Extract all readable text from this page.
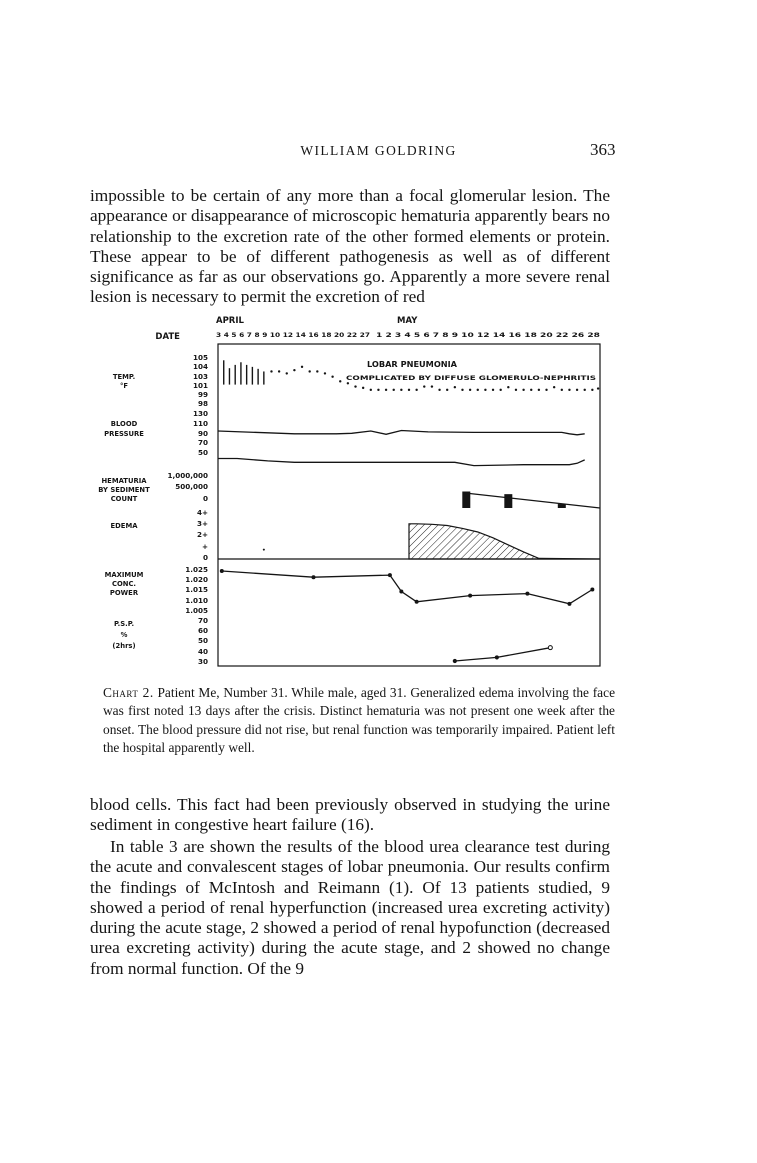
WILLIAM GOLDRING	363

impossible to be certain of any more than a focal glomerular lesion. The appearance or disappearance of microscopic hematuria apparently bears no relationship to the excretion rate of the other formed elements or protein. These appear to be of different pathogenesis as well as of different significance as far as our observations go. Apparently a more severe renal lesion is necessary to permit the excretion of red

DATE
APRIL	MAY
3 4 5 6 7 8 9 10 12 14 16 18 20 22 27 1 2 3 4 5 6 7 8 9 10 12 14 16 18 20 22 26 28
LOBAR PNEUMONIA
COMPLICATED BY DIFFUSE GLOMERULO-NEPHRITIS
105
104
103
101
99
98
TEMP.
°F
130
110
90
70
50
BLOOD
PRESSURE
1,000,000
500,000
0
HEMATURIA
BY SEDIMENT
COUNT
4+
3+
2+
+
0
EDEMA
1.025
1.020
1.015
1.010
1.005
MAXIMUM
CONC.
POWER
70
60
50
40
30
P.S.P.
%
(2hrs)
Chart 2. Patient Me, Number 31. While male, aged 31. Generalized edema involving the face was first noted 13 days after the crisis. Distinct hematuria was not present one week after the onset. The blood pressure did not rise, but renal function was temporarily impaired. Patient left the hospital apparently well.

blood cells. This fact had been previously observed in studying the urine sediment in congestive heart failure (16).

In table 3 are shown the results of the blood urea clearance test during the acute and convalescent stages of lobar pneumonia. Our results confirm the findings of McIntosh and Reimann (1). Of 13 patients studied, 9 showed a period of renal hyperfunction (increased urea excreting activity) during the acute stage, 2 showed a period of renal hypofunction (decreased urea excreting activity) during the acute stage, and 2 showed no change from normal function. Of the 9
